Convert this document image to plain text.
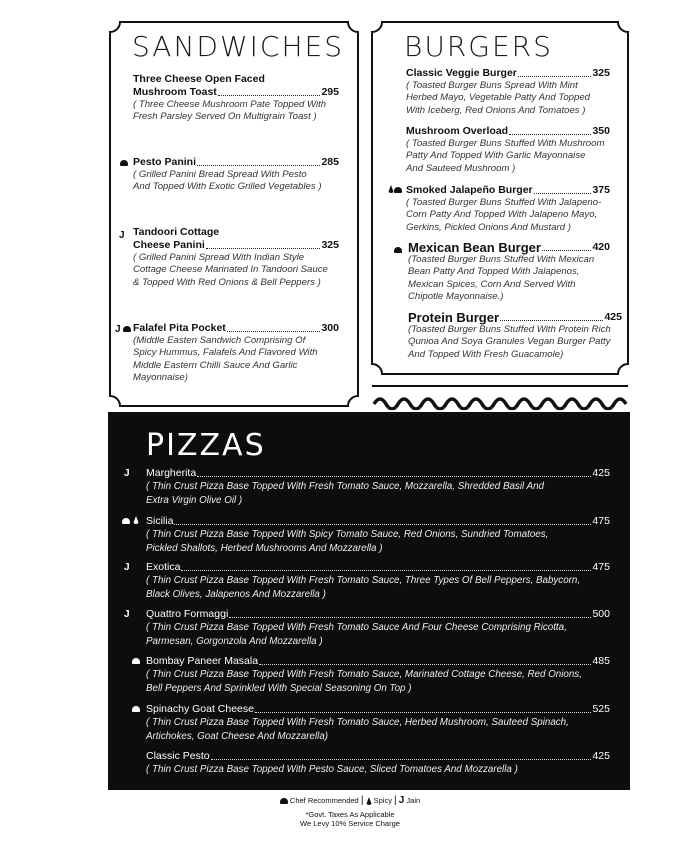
SANDWICHES
Three Cheese Open Faced
Mushroom Toast	295
( Three Cheese Mushroom Pate Topped With
Fresh Parsley Served On Multigrain Toast )
Pesto Panini	285
( Grilled Panini Bread Spread With Pesto
And Topped With Exotic Grilled Vegetables )
J Tandoori Cottage
Cheese Panini	325
( Grilled Panini Spread With Indian Style
Cottage Cheese Marinated In Tandoori Sauce
& Topped With Red Onions & Bell Peppers )
J	Falafel Pita Pocket	300
(Middle Easten Sandwich Comprising Of
Spicy Hummus, Falafels And Flavored With
Middle Eastern Chilli Sauce And Garlic
Mayonnaise)
BURGERS
Classic Veggie Burger	325
( Toasted Burger Buns Spread With Mint
Herbed Mayo, Vegetable Patty And Topped
With Iceberg, Red Onions And Tomatoes )
Mushroom Overload	350
( Toasted Burger Buns Stuffed With Mushroom
Patty And Topped With Garlic Mayonnaise
And Sauteed Mushroom )
Smoked Jalapeño Burger	375
( Toasted Burger Buns Stuffed With Jalapeno-
Corn Patty And Topped With Jalapeno Mayo,
Gerkins, Pickled Onions And Mustard )
Mexican Bean Burger	420
(Toasted Burger Buns Stuffed With Mexican
Bean Patty And Topped With Jalapenos,
Mexican Spices, Corn And Served With
Chipotle Mayonnaise.)
Protein Burger	425
(Toasted Burger Buns Stuffed With Protein Rich
Qunioa And Soya Granules Vegan Burger Patty
And Topped With Fresh Guacamole)
PIZZAS
J Margherita	425
( Thin Crust Pizza Base Topped With Fresh Tomato Sauce, Mozzarella, Shredded Basil And
Extra Virgin Olive Oil )

Sicilia	475
( Thin Crust Pizza Base Topped With Spicy Tomato Sauce, Red Onions, Sundried Tomatoes,
Pickled Shallots, Herbed Mushrooms And Mozzarella )
J Exotica	475
( Thin Crust Pizza Base Topped With Fresh Tomato Sauce, Three Types Of Bell Peppers, Babycorn,
Black Olives, Jalapenos And Mozzarella )
J Quattro Formaggi	500
( Thin Crust Pizza Base Topped With Fresh Tomato Sauce And Four Cheese Comprising Ricotta,
Parmesan, Gorgonzola And Mozzarella )
Bombay Paneer Masala	485
( Thin Crust Pizza Base Topped With Fresh Tomato Sauce, Marinated Cottage Cheese, Red Onions,
Bell Peppers And Sprinkled With Special Seasoning On Top )
Spinachy Goat Cheese	525
( Thin Crust Pizza Base Topped With Fresh Tomato Sauce, Herbed Mushroom, Sauteed Spinach,
Artichokes, Goat Cheese And Mozzarella)
Classic Pesto	425
( Thin Crust Pizza Base Topped With Pesto Sauce, Sliced Tomatoes And Mozzarella )
Chef Recommended | Spicy | J Jain
*Govt. Taxes As Applicable
We Levy 10% Service Charge
